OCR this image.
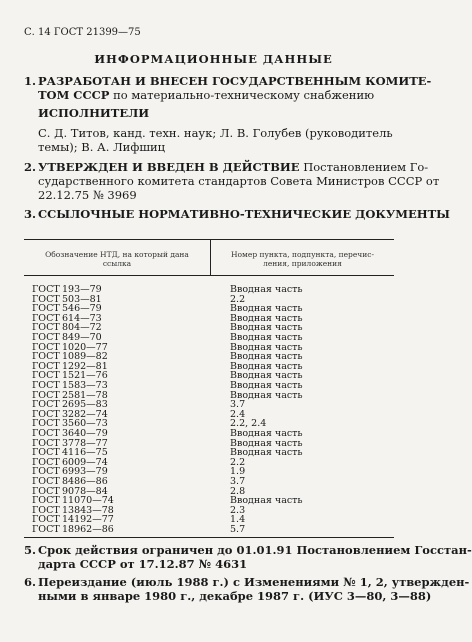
С. 14 ГОСТ 21399—75
ИНФОРМАЦИОННЫЕ ДАННЫЕ
1. РАЗРАБОТАН И ВНЕСЕН ГОСУДАРСТВЕННЫМ КОМИТЕ-
ТОМ СССР по материально-техническому снабжению
ИСПОЛНИТЕЛИ
С. Д. Титов, канд. техн. наук; Л. В. Голубев (руководитель
темы); В. А. Лифшиц
2. УТВЕРЖДЕН И ВВЕДЕН В ДЕЙСТВИЕ Постановлением Го-
сударственного комитета стандартов Совета Министров СССР от
22.12.75 № 3969
3. ССЫЛОЧНЫЕ НОРМАТИВНО-ТЕХНИЧЕСКИЕ ДОКУМЕНТЫ
Обозначение НТД, на который дана
ссылка
Номер пункта, подпункта, перечис-
ления, приложения
ГОСТ 193—79	Вводная часть
ГОСТ 503—81	2.2
ГОСТ 546—79	Вводная часть
ГОСТ 614—73	Вводная часть
ГОСТ 804—72	Вводная часть
ГОСТ 849—70	Вводная часть
ГОСТ 1020—77	Вводная часть
ГОСТ 1089—82	Вводная часть
ГОСТ 1292—81	Вводная часть
ГОСТ 1521—76	Вводная часть
ГОСТ 1583—73	Вводная часть
ГОСТ 2581—78	Вводная часть
ГОСТ 2695—83	3.7
ГОСТ 3282—74	2.4
ГОСТ 3560—73	2.2, 2.4
ГОСТ 3640—79	Вводная часть
ГОСТ 3778—77	Вводная часть
ГОСТ 4116—75	Вводная часть
ГОСТ 6009—74	2.2
ГОСТ 6993—79	1.9
ГОСТ 8486—86	3.7
ГОСТ 9078—84	2.8
ГОСТ 11070—74	Вводная часть
ГОСТ 13843—78	2.3
ГОСТ 14192—77	1.4
ГОСТ 18962—86	5.7
5. Срок действия ограничен до 01.01.91 Постановлением Госстан-
дарта СССР от 17.12.87 № 4631
6. Переиздание (июль 1988 г.) с Изменениями № 1, 2, утвержден-
ными в январе 1980 г., декабре 1987 г. (ИУС 3—80, 3—88)
